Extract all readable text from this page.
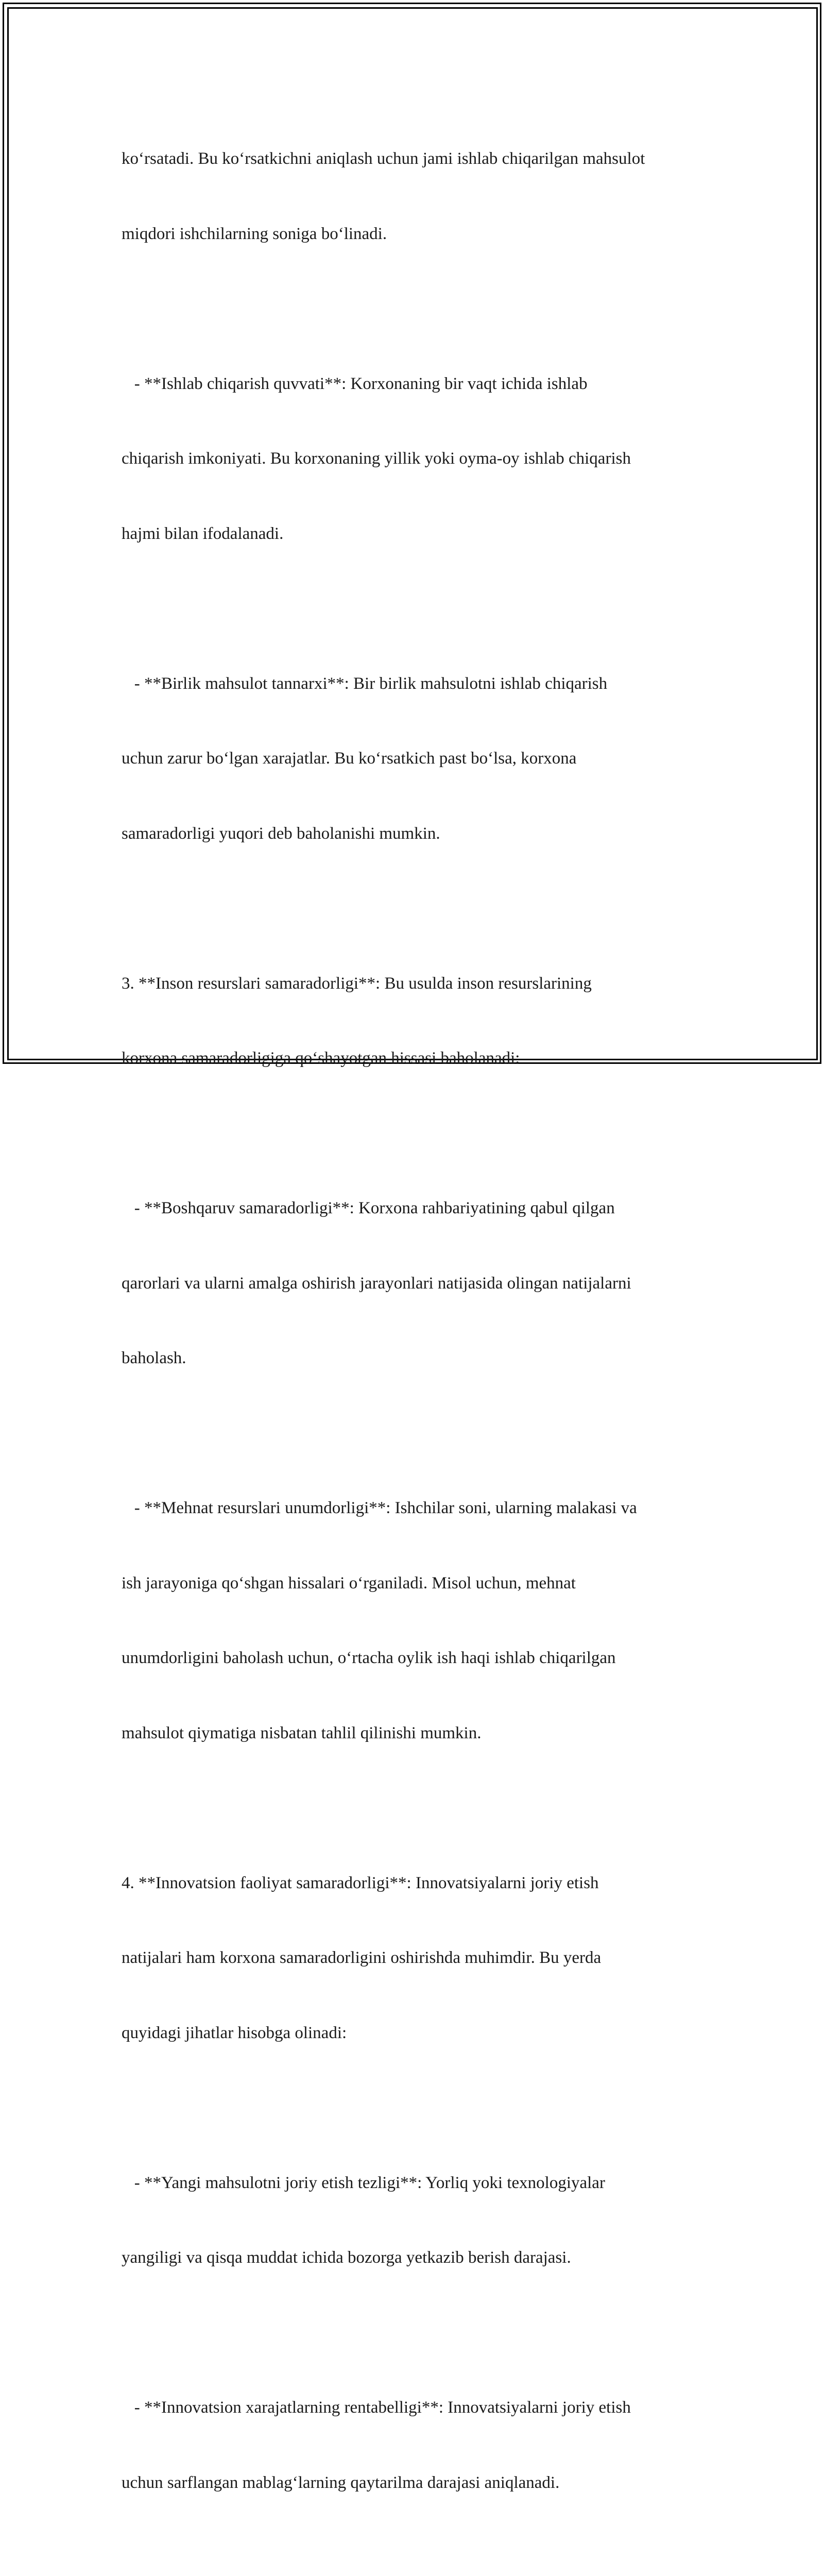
ko‘rsatadi. Bu ko‘rsatkichni aniqlash uchun jami ishlab chiqarilgan mahsulot

miqdori ishchilarning soniga bo‘linadi.

- **Ishlab chiqarish quvvati**: Korxonaning bir vaqt ichida ishlab

chiqarish imkoniyati. Bu korxonaning yillik yoki oyma-oy ishlab chiqarish

hajmi bilan ifodalanadi.

- **Birlik mahsulot tannarxi**: Bir birlik mahsulotni ishlab chiqarish

uchun zarur bo‘lgan xarajatlar. Bu ko‘rsatkich past bo‘lsa, korxona

samaradorligi yuqori deb baholanishi mumkin.

3. **Inson resurslari samaradorligi**: Bu usulda inson resurslarining

korxona samaradorligiga qo‘shayotgan hissasi baholanadi:

- **Boshqaruv samaradorligi**: Korxona rahbariyatining qabul qilgan

qarorlari va ularni amalga oshirish jarayonlari natijasida olingan natijalarni

baholash.

- **Mehnat resurslari unumdorligi**: Ishchilar soni, ularning malakasi va

ish jarayoniga qo‘shgan hissalari o‘rganiladi. Misol uchun, mehnat

unumdorligini baholash uchun, o‘rtacha oylik ish haqi ishlab chiqarilgan

mahsulot qiymatiga nisbatan tahlil qilinishi mumkin.

4. **Innovatsion faoliyat samaradorligi**: Innovatsiyalarni joriy etish

natijalari ham korxona samaradorligini oshirishda muhimdir. Bu yerda

quyidagi jihatlar hisobga olinadi:

- **Yangi mahsulotni joriy etish tezligi**: Yorliq yoki texnologiyalar

yangiligi va qisqa muddat ichida bozorga yetkazib berish darajasi.

- **Innovatsion xarajatlarning rentabelligi**: Innovatsiyalarni joriy etish

uchun sarflangan mablag‘larning qaytarilma darajasi aniqlanadi.
